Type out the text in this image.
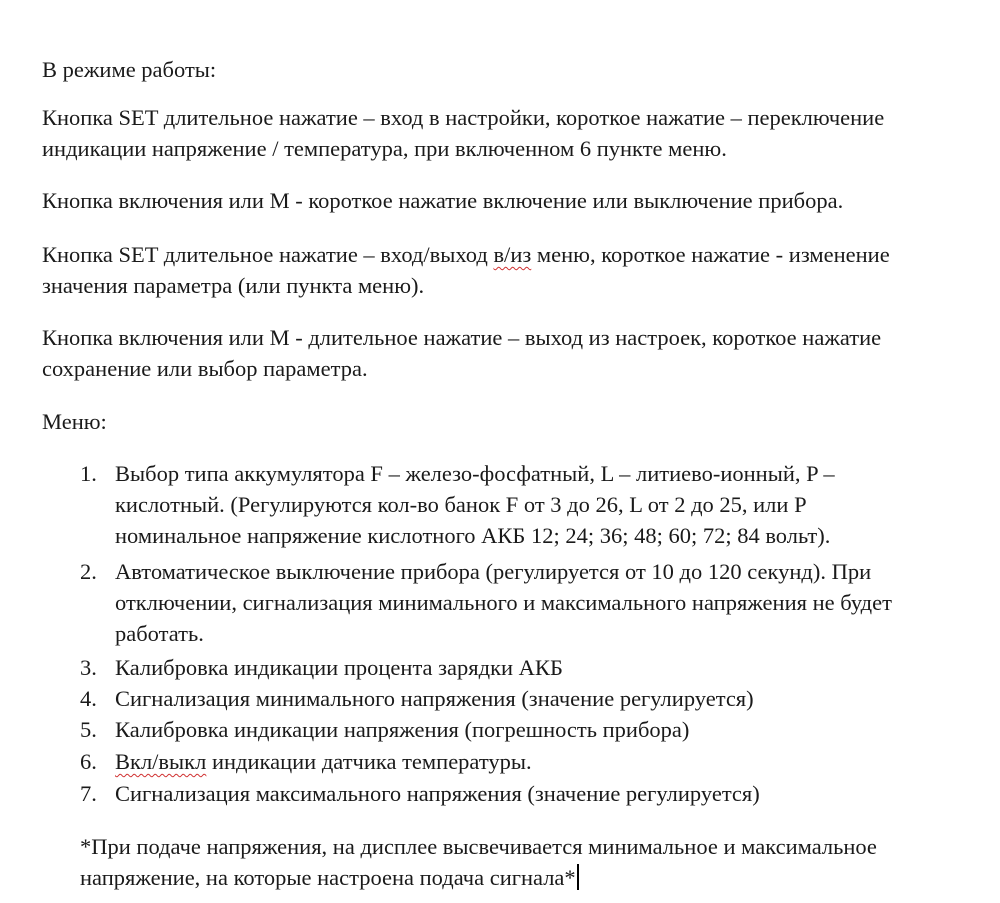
В режиме работы:

Кнопка SET длительное нажатие – вход в настройки, короткое нажатие – переключение
индикации напряжение / температура, при включенном 6 пункте меню.

Кнопка включения или М - короткое нажатие включение или выключение прибора.

Кнопка SET длительное нажатие – вход/выход в/из меню, короткое нажатие - изменение
значения параметра (или пункта меню).

Кнопка включения или М - длительное нажатие – выход из настроек, короткое нажатие
сохранение или выбор параметра.

Меню:

1. Выбор типа аккумулятора F – железо-фосфатный, L – литиево-ионный, P –
кислотный. (Регулируются кол-во банок F от 3 до 26, L от 2 до 25, или P
номинальное напряжение кислотного АКБ 12; 24; 36; 48; 60; 72; 84 вольт).
2. Автоматическое выключение прибора (регулируется от 10 до 120 секунд). При
отключении, сигнализация минимального и максимального напряжения не будет
работать.
3. Калибровка индикации процента зарядки АКБ
4. Сигнализация минимального напряжения (значение регулируется)
5. Калибровка индикации напряжения (погрешность прибора)
6. Вкл/выкл индикации датчика температуры.
7. Сигнализация максимального напряжения (значение регулируется)

*При подаче напряжения, на дисплее высвечивается минимальное и максимальное
напряжение, на которые настроена подача сигнала*
